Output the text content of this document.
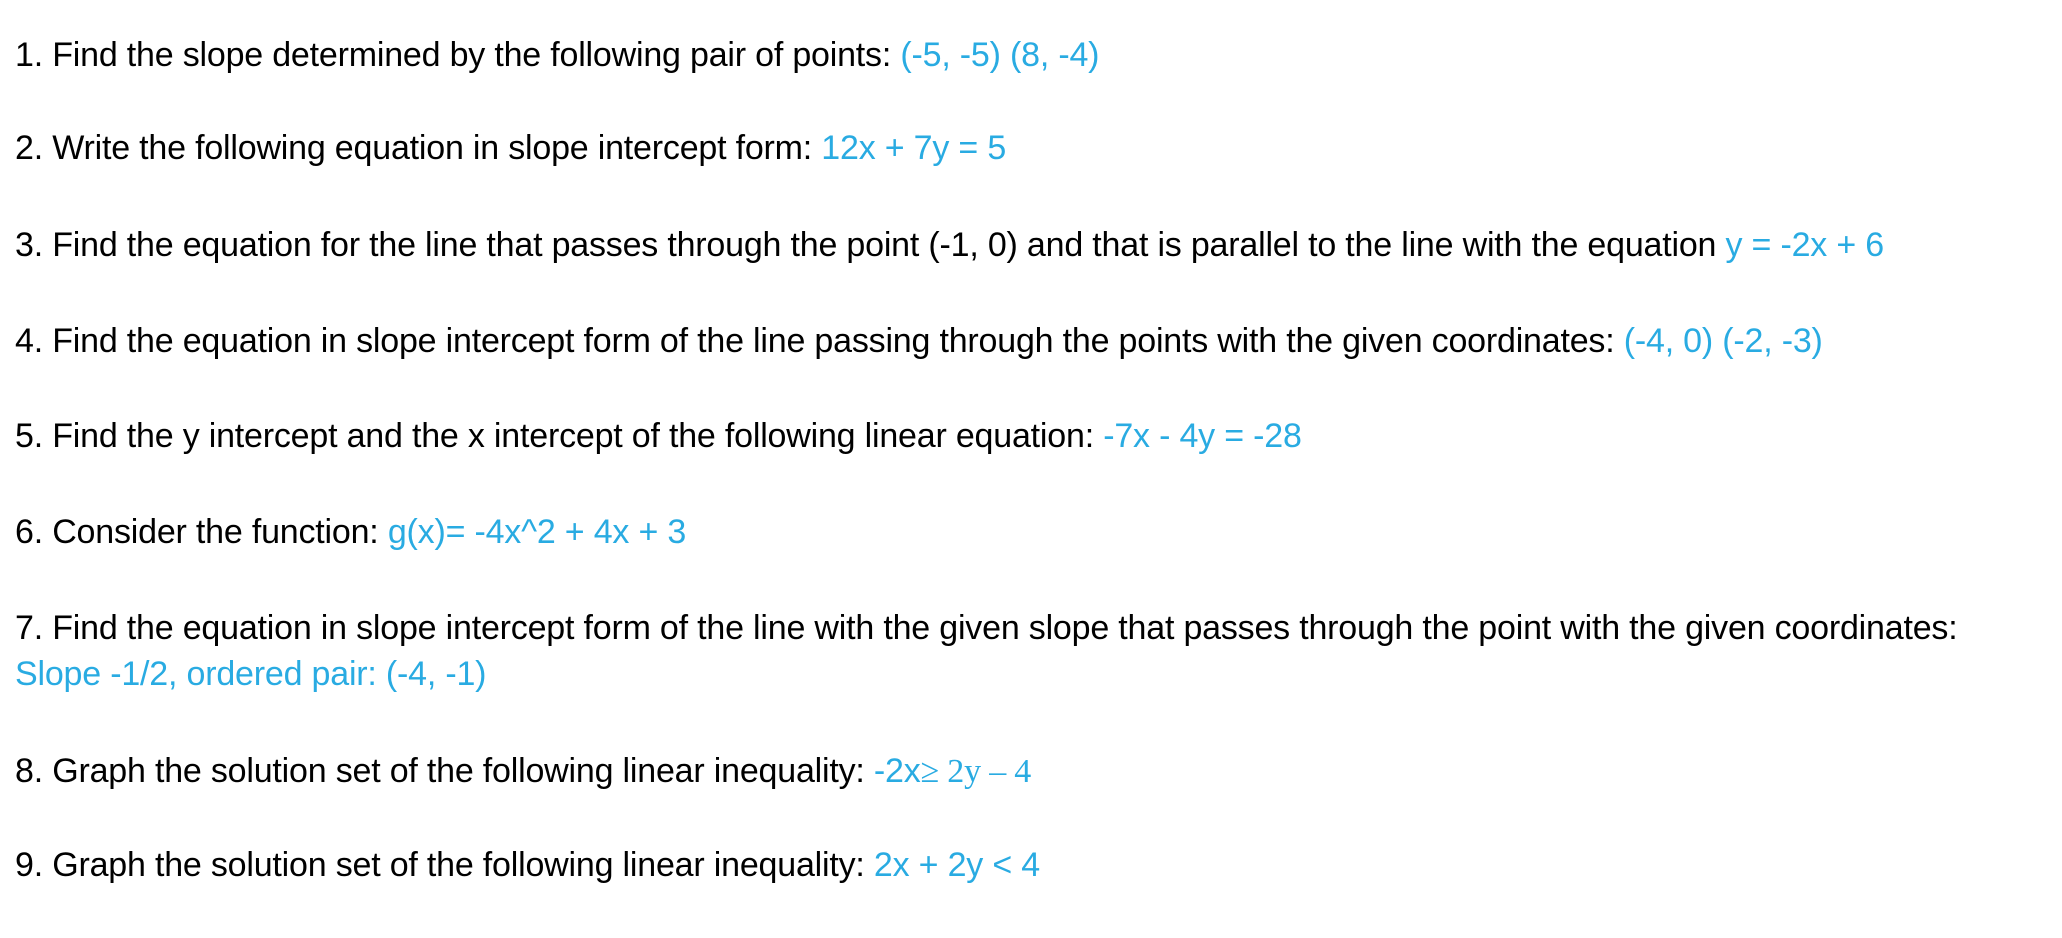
1. Find the slope determined by the following pair of points: (-5, -5) (8, -4)
2. Write the following equation in slope intercept form: 12x + 7y = 5
3. Find the equation for the line that passes through the point (-1, 0) and that is parallel to the line with the equation y = -2x + 6
4. Find the equation in slope intercept form of the line passing through the points with the given coordinates: (-4, 0) (-2, -3)
5. Find the y intercept and the x intercept of the following linear equation: -7x - 4y = -28
6. Consider the function: g(x)= -4x^2 + 4x + 3
7. Find the equation in slope intercept form of the line with the given slope that passes through the point with the given coordinates: Slope -1/2, ordered pair: (-4, -1)
8. Graph the solution set of the following linear inequality: -2x≥ 2y – 4
9. Graph the solution set of the following linear inequality: 2x + 2y < 4
